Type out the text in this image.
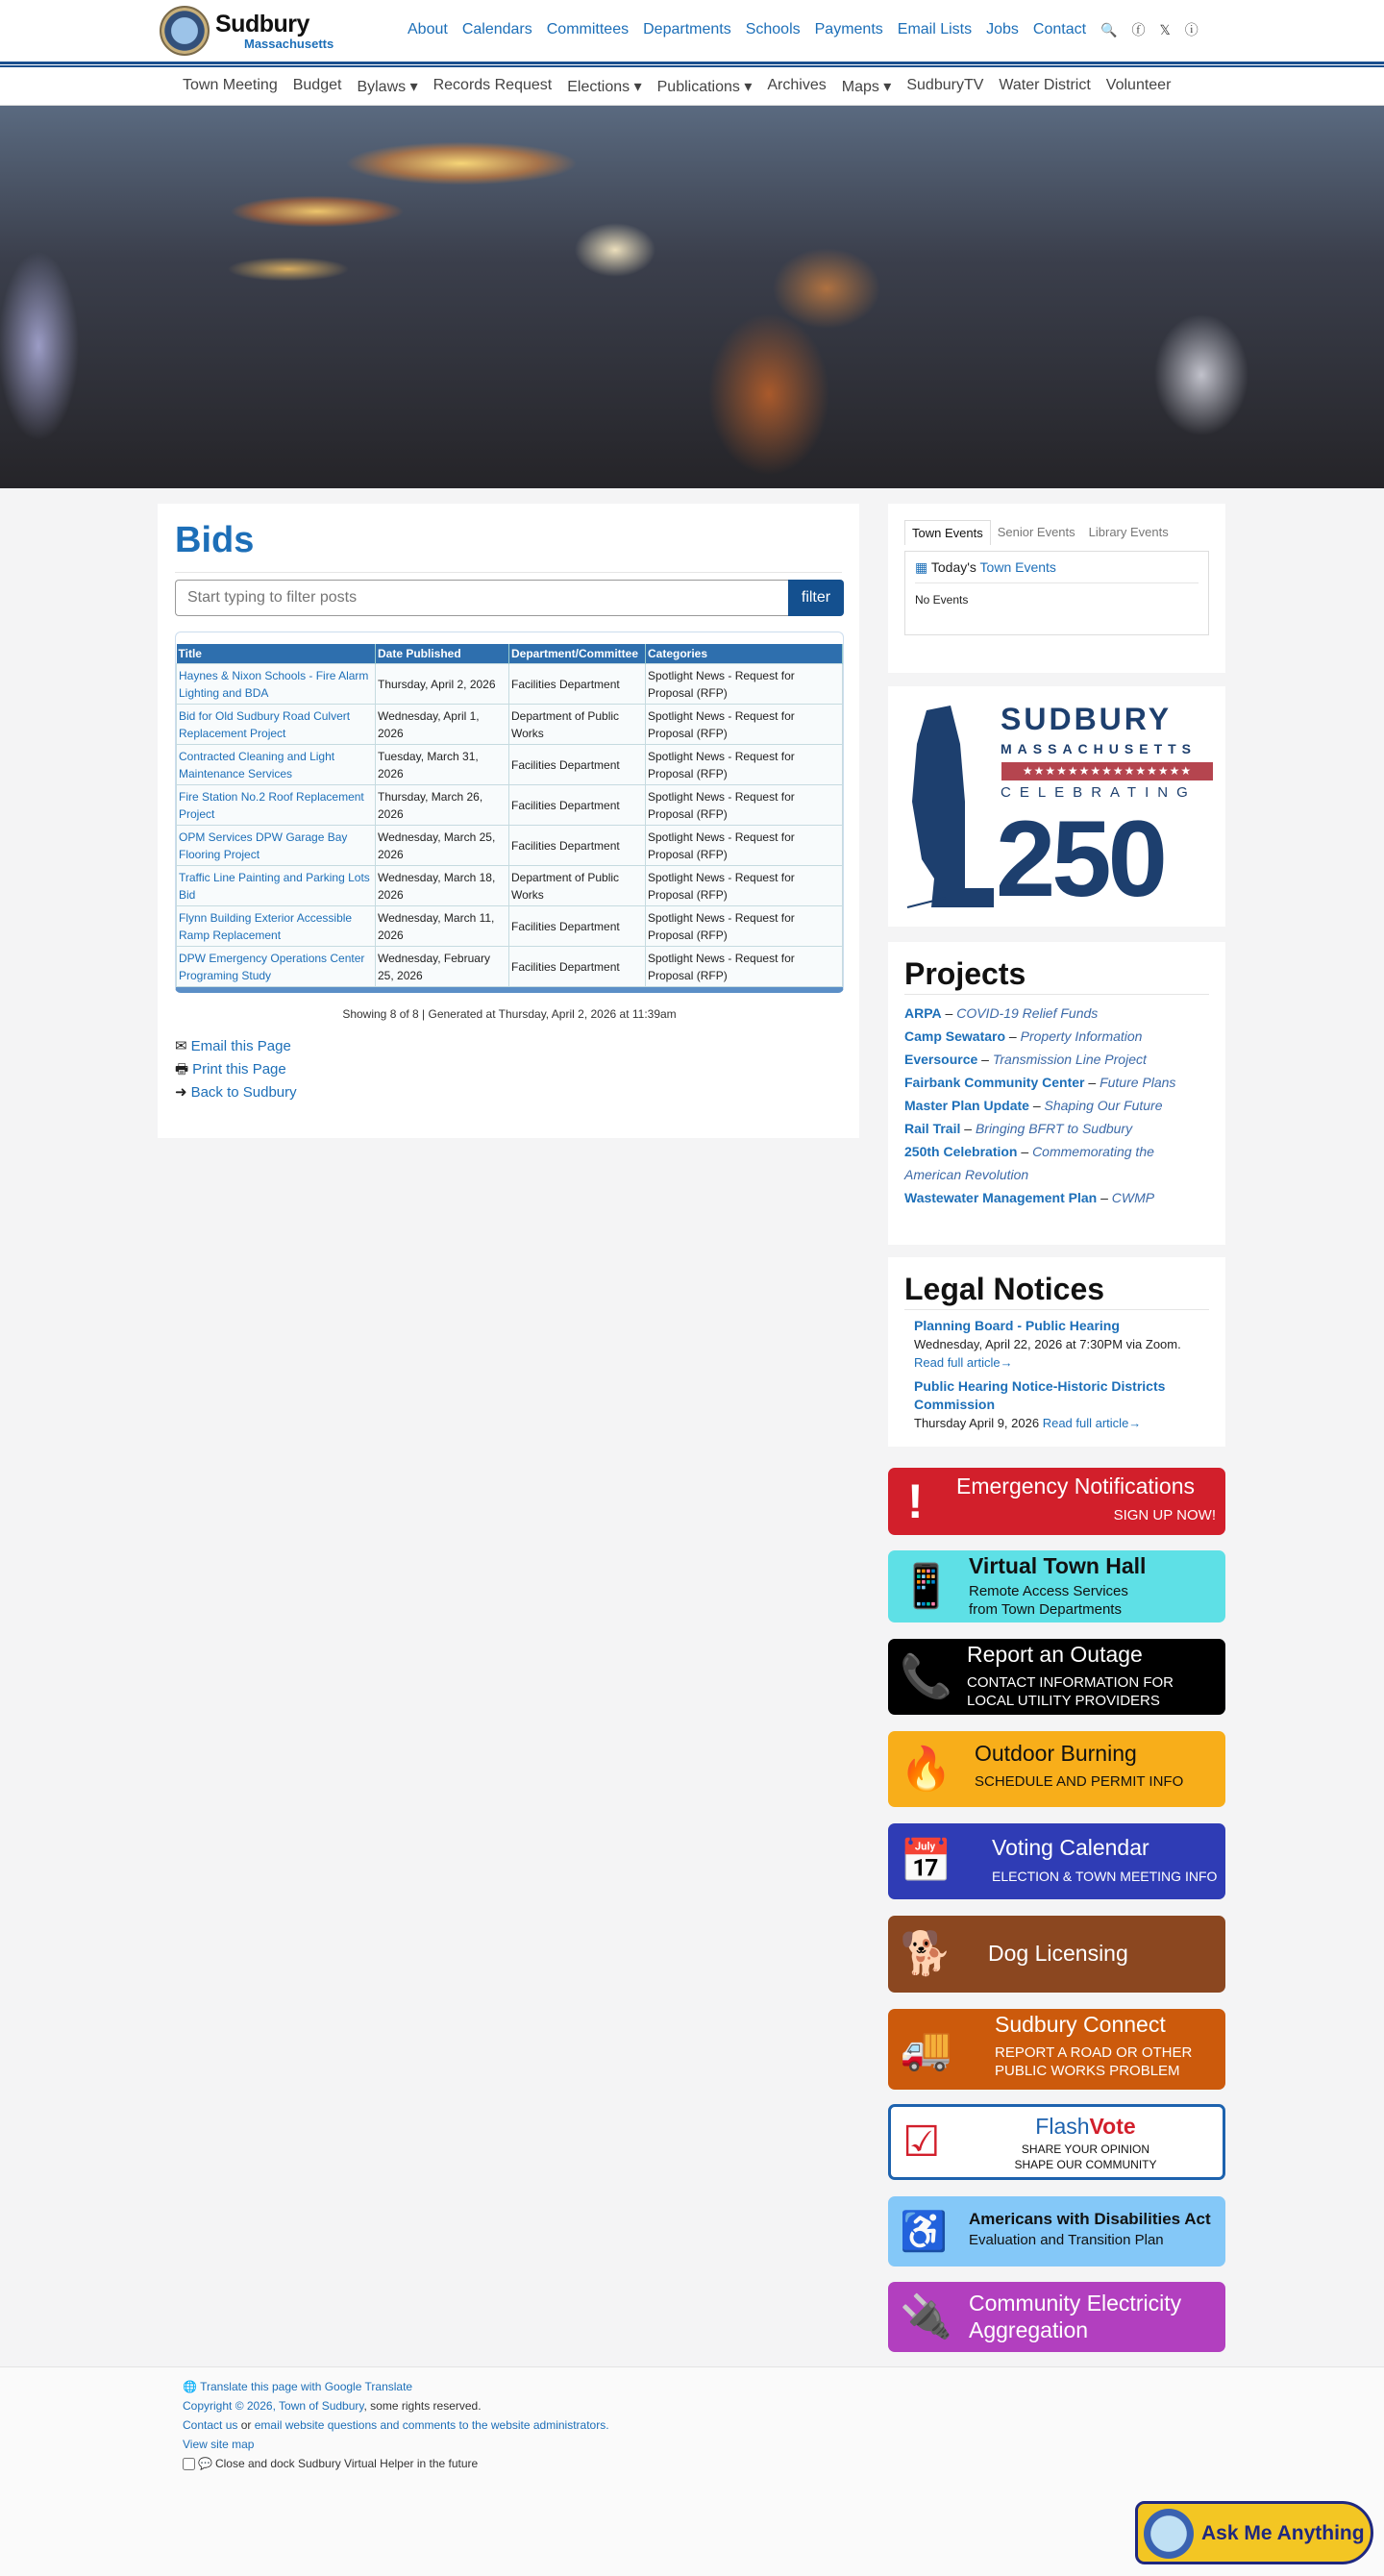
Sudbury
Massachusetts
About Calendars Committees Departments Schools Payments Email Lists Jobs Contact 🔍 ⓕ 𝕏 ⓘ
Town Meeting Budget Bylaws ▾ Records Request Elections ▾ Publications ▾ Archives Maps ▾ SudburyTV Water District Volunteer
Bids
Start typing to filter posts
filter
Title	Date Published	Department/Committee	Categories
Haynes & Nixon Schools - Fire Alarm Lighting and BDA	Thursday, April 2, 2026	Facilities Department	Spotlight News - Request for Proposal (RFP)
Bid for Old Sudbury Road Culvert Replacement Project	Wednesday, April 1, 2026	Department of Public Works	Spotlight News - Request for Proposal (RFP)
Contracted Cleaning and Light Maintenance Services	Tuesday, March 31, 2026	Facilities Department	Spotlight News - Request for Proposal (RFP)
Fire Station No.2 Roof Replacement Project	Thursday, March 26, 2026	Facilities Department	Spotlight News - Request for Proposal (RFP)
OPM Services DPW Garage Bay Flooring Project	Wednesday, March 25, 2026	Facilities Department	Spotlight News - Request for Proposal (RFP)
Traffic Line Painting and Parking Lots Bid	Wednesday, March 18, 2026	Department of Public Works	Spotlight News - Request for Proposal (RFP)
Flynn Building Exterior Accessible Ramp Replacement	Wednesday, March 11, 2026	Facilities Department	Spotlight News - Request for Proposal (RFP)
DPW Emergency Operations Center Programing Study	Wednesday, February 25, 2026	Facilities Department	Spotlight News - Request for Proposal (RFP)
Showing 8 of 8 | Generated at Thursday, April 2, 2026 at 11:39am
✉ Email this Page
🖶 Print this Page
➜ Back to Sudbury
Town Events	Senior Events	Library Events
▦ Today's Town Events
No Events
SUDBURY
MASSACHUSETTS
★★★★★★★★★★★★★★★
CELEBRATING
250
Projects
ARPA – COVID-19 Relief Funds
Camp Sewataro – Property Information
Eversource – Transmission Line Project
Fairbank Community Center – Future Plans
Master Plan Update – Shaping Our Future
Rail Trail – Bringing BFRT to Sudbury
250th Celebration – Commemorating the American Revolution
Wastewater Management Plan – CWMP
Legal Notices
Planning Board - Public Hearing
Wednesday, April 22, 2026 at 7:30PM via Zoom.
Read full article→
Public Hearing Notice-Historic Districts Commission
Thursday April 9, 2026 Read full article→
! Emergency Notifications
SIGN UP NOW!
📱 Virtual Town Hall
Remote Access Services from Town Departments
📞 Report an Outage
CONTACT INFORMATION FOR LOCAL UTILITY PROVIDERS
🔥 Outdoor Burning
SCHEDULE AND PERMIT INFO
📅 Voting Calendar
ELECTION & TOWN MEETING INFO
🐕 Dog Licensing
🚚
Sudbury Connect
REPORT A ROAD OR OTHER PUBLIC WORKS PROBLEM
☑	FlashVote
SHARE YOUR OPINION
SHAPE OUR COMMUNITY
♿ Americans with Disabilities Act
Evaluation and Transition Plan
🔌 Community Electricity Aggregation
🌐 Translate this page with Google Translate
Copyright © 2026, Town of Sudbury, some rights reserved.
Contact us or email website questions and comments to the website administrators.
View site map
💬 Close and dock Sudbury Virtual Helper in the future
Ask Me Anything
